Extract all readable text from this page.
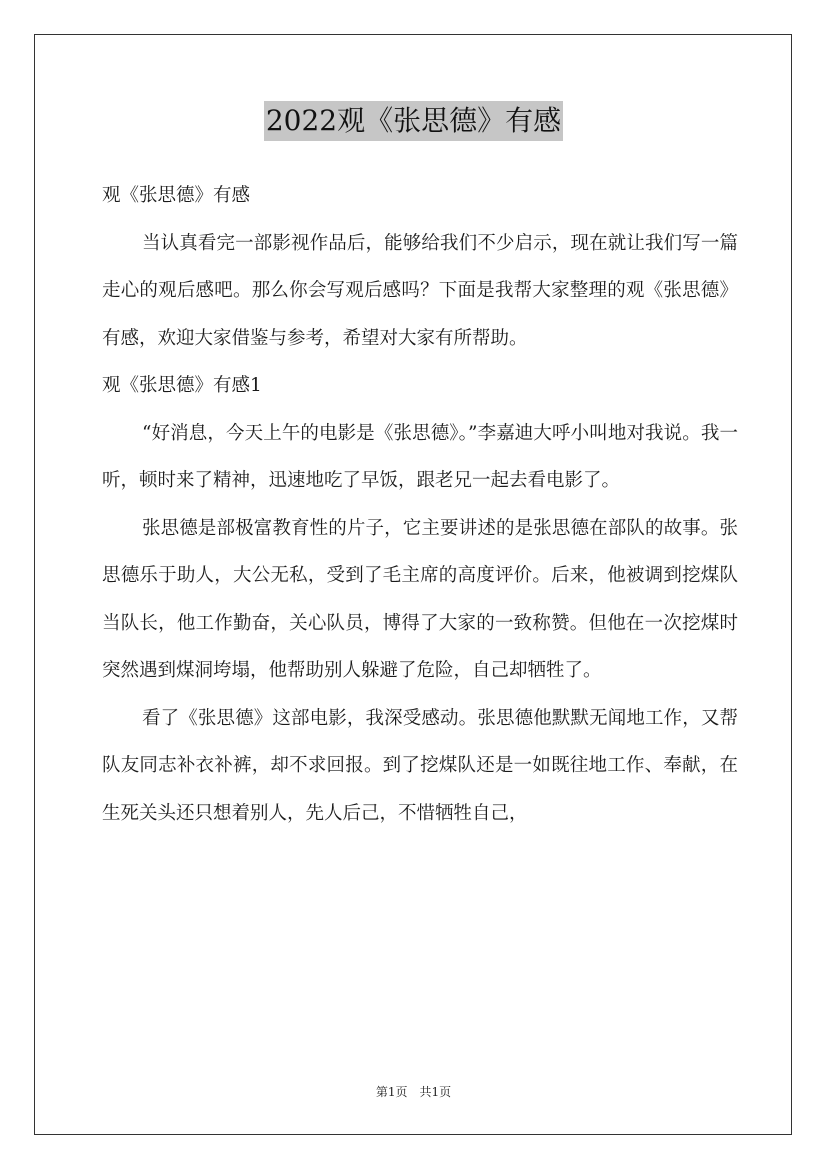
2022观《张思德》有感

观《张思德》有感

当认真看完一部影视作品后，能够给我们不少启示，现在就让我们写一篇走心的观后感吧。那么你会写观后感吗？下面是我帮大家整理的观《张思德》有感，欢迎大家借鉴与参考，希望对大家有所帮助。

观《张思德》有感1

“好消息，今天上午的电影是《张思德》。”李嘉迪大呼小叫地对我说。我一听，顿时来了精神，迅速地吃了早饭，跟老兄一起去看电影了。

张思德是部极富教育性的片子，它主要讲述的是张思德在部队的故事。张思德乐于助人，大公无私，受到了毛主席的高度评价。后来，他被调到挖煤队当队长，他工作勤奋，关心队员，博得了大家的一致称赞。但他在一次挖煤时突然遇到煤洞垮塌，他帮助别人躲避了危险，自己却牺牲了。

看了《张思德》这部电影，我深受感动。张思德他默默无闻地工作，又帮队友同志补衣补裤，却不求回报。到了挖煤队还是一如既往地工作、奉献，在生死关头还只想着别人，先人后己，不惜牺牲自己，

第1页 共1页
